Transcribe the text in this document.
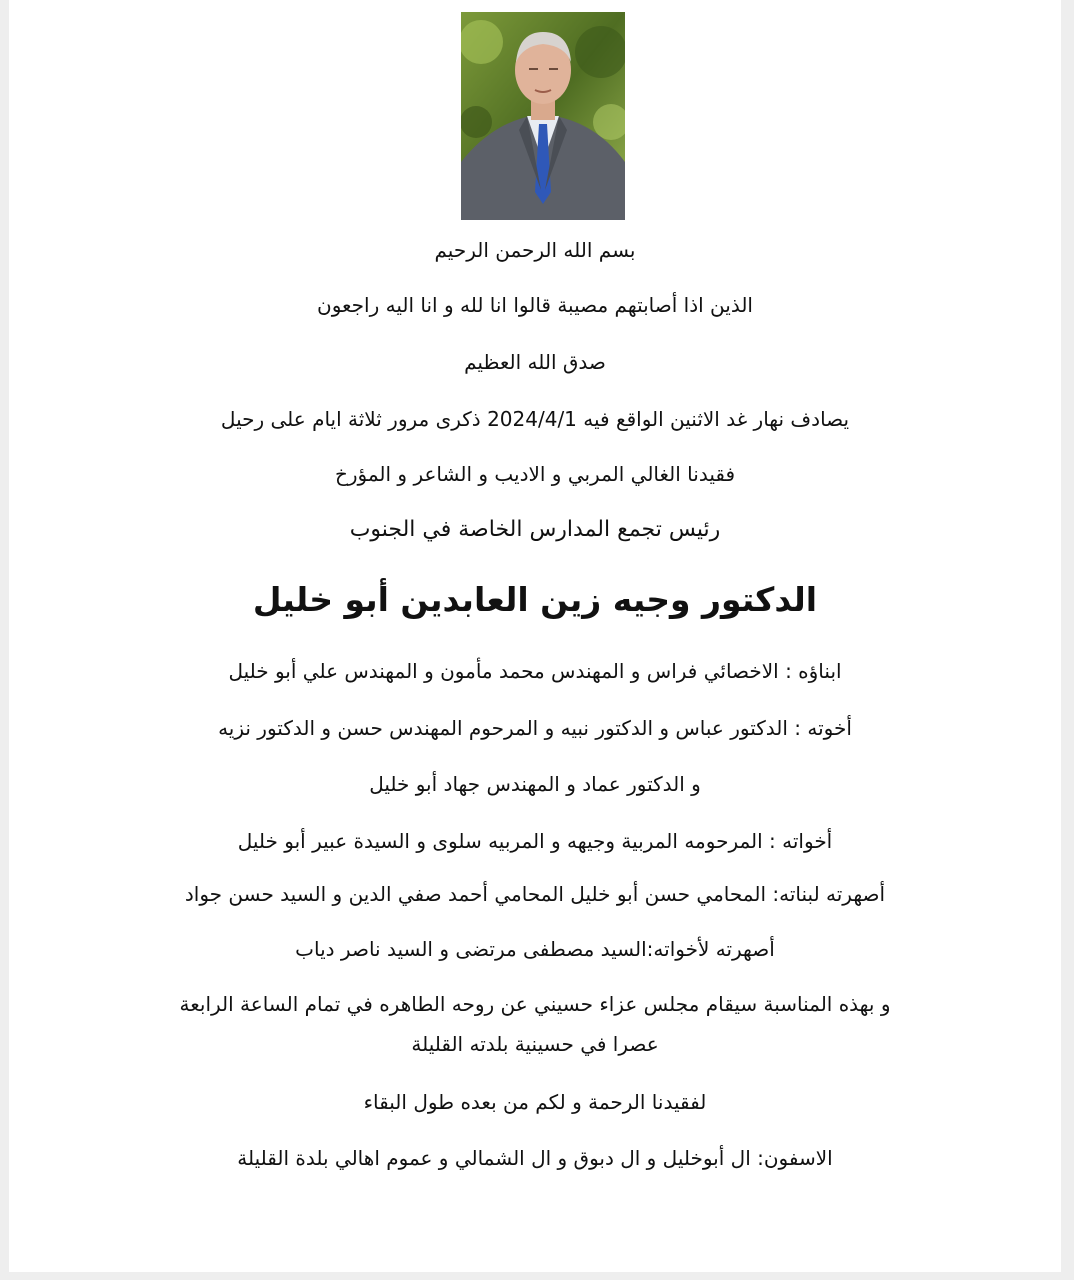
بسم الله الرحمن الرحيم
الذين اذا أصابتهم مصيبة قالوا انا لله و انا اليه راجعون
صدق الله العظيم
يصادف نهار غد الاثنين الواقع فيه 2024/4/1 ذكرى مرور ثلاثة ايام على رحيل
فقيدنا الغالي المربي و الاديب و الشاعر و المؤرخ
رئيس تجمع المدارس الخاصة في الجنوب
الدكتور وجيه زين العابدين أبو خليل
ابناؤه : الاخصائي فراس و المهندس محمد مأمون و المهندس علي أبو خليل
أخوته : الدكتور عباس و الدكتور نبيه و المرحوم المهندس حسن و الدكتور نزيه
و الدكتور عماد و المهندس جهاد أبو خليل
أخواته : المرحومه المربية وجيهه و المربيه سلوى و السيدة عبير أبو خليل
أصهرته لبناته: المحامي حسن أبو خليل المحامي أحمد صفي الدين و السيد حسن جواد
أصهرته لأخواته:السيد مصطفى مرتضى و السيد ناصر دياب
و بهذه المناسبة سيقام مجلس عزاء حسيني عن روحه الطاهره في تمام الساعة الرابعة
عصرا في حسينية بلدته القليلة
لفقيدنا الرحمة و لكم من بعده طول البقاء
الاسفون: ال أبوخليل و ال دبوق و ال الشمالي و عموم اهالي بلدة القليلة
